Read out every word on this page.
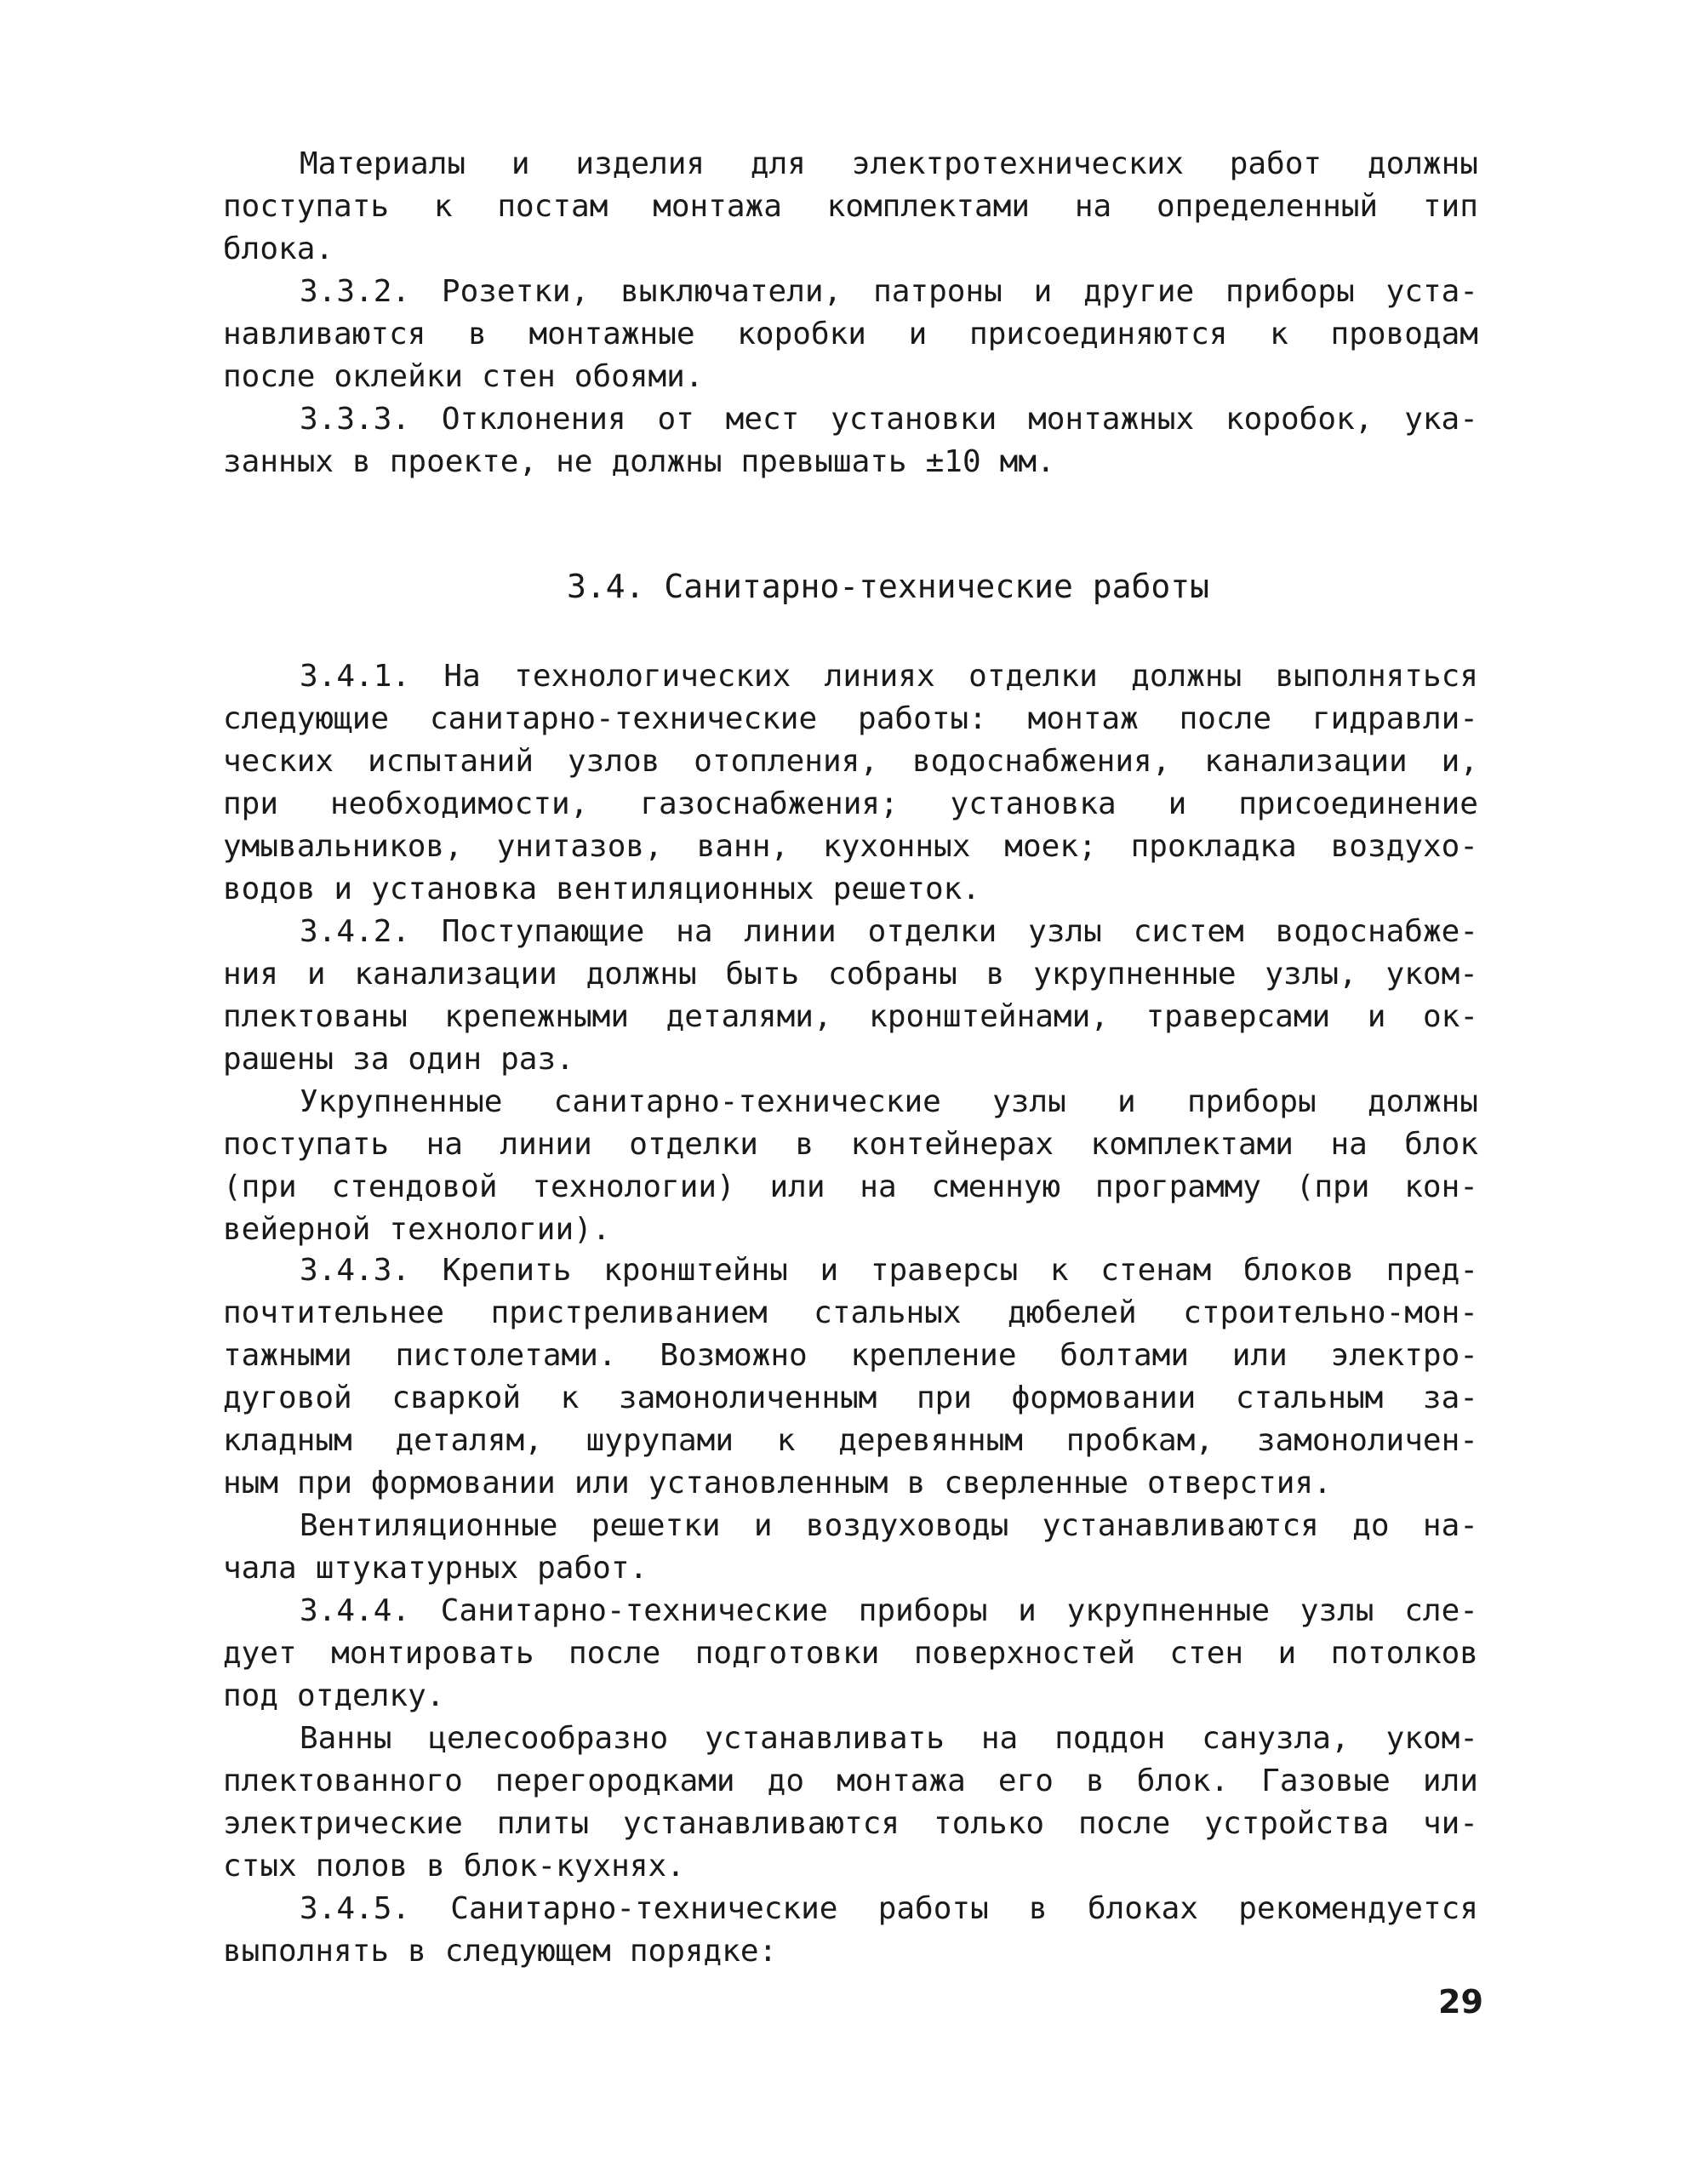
Материалы и изделия для электротехнических работ должны
поступать к постам монтажа комплектами на определенный тип
блока.
3.3.2. Розетки, выключатели, патроны и другие приборы уста-
навливаются в монтажные коробки и присоединяются к проводам
после оклейки стен обоями.
3.3.3. Отклонения от мест установки монтажных коробок, ука-
занных в проекте, не должны превышать ±10 мм.
3.4. Санитарно-технические работы
3.4.1. На технологических линиях отделки должны выполняться
следующие санитарно-технические работы: монтаж после гидравли-
ческих испытаний узлов отопления, водоснабжения, канализации и,
при необходимости, газоснабжения; установка и присоединение
умывальников, унитазов, ванн, кухонных моек; прокладка воздухо-
водов и установка вентиляционных решеток.
3.4.2. Поступающие на линии отделки узлы систем водоснабже-
ния и канализации должны быть собраны в укрупненные узлы, уком-
плектованы крепежными деталями, кронштейнами, траверсами и ок-
рашены за один раз.
Укрупненные санитарно-технические узлы и приборы должны
поступать на линии отделки в контейнерах комплектами на блок
(при стендовой технологии) или на сменную программу (при кон-
вейерной технологии).
3.4.3. Крепить кронштейны и траверсы к стенам блоков пред-
почтительнее пристреливанием стальных дюбелей строительно-мон-
тажными пистолетами. Возможно крепление болтами или электро-
дуговой сваркой к замоноличенным при формовании стальным за-
кладным деталям, шурупами к деревянным пробкам, замоноличен-
ным при формовании или установленным в сверленные отверстия.
Вентиляционные решетки и воздуховоды устанавливаются до на-
чала штукатурных работ.
3.4.4. Санитарно-технические приборы и укрупненные узлы сле-
дует монтировать после подготовки поверхностей стен и потолков
под отделку.
Ванны целесообразно устанавливать на поддон санузла, уком-
плектованного перегородками до монтажа его в блок. Газовые или
электрические плиты устанавливаются только после устройства чи-
стых полов в блок-кухнях.
3.4.5. Санитарно-технические работы в блоках рекомендуется
выполнять в следующем порядке:
29
